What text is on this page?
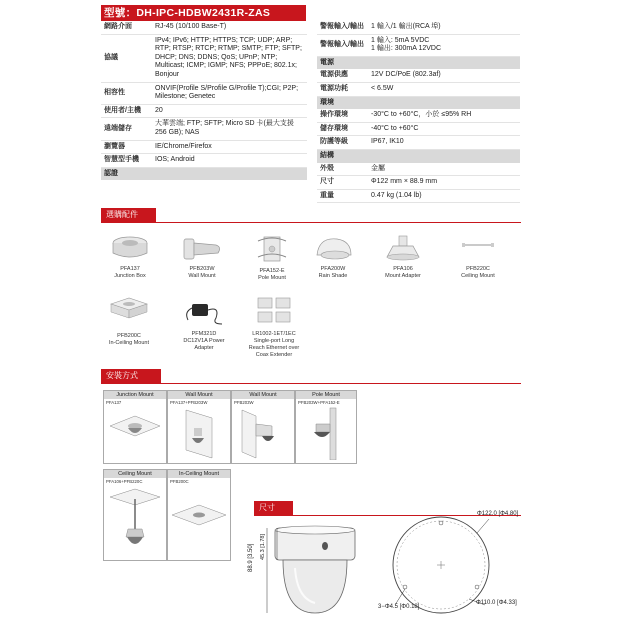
型號：DH-IPC-HDBW2431R-ZAS
網路介面	RJ-45 (10/100 Base-T)
協議	IPv4; IPv6; HTTP; HTTPS; TCP; UDP; ARP; RTP; RTSP; RTCP; RTMP; SMTP; FTP; SFTP; DHCP; DNS; DDNS; QoS; UPnP; NTP; Multicast; ICMP; IGMP; NFS; PPPoE; 802.1x; Bonjour
相容性	ONVIF(Profile S/Profile G/Profile T);CGI; P2P; Milestone; Genetec
使用者/主機	20
遠端儲存	大華雲端; FTP; SFTP; Micro SD 卡(最大支援 256 GB); NAS
瀏覽器	IE/Chrome/Firefox
智慧型手機	IOS; Android
認證	
警報輸入/輸出	1 輸入/1 輸出(RCA 埠)
警報輸入/輸出	1 輸入: 5mA 5VDC
1 輸出: 300mA 12VDC
電源	
電源供應	12V DC/PoE (802.3af)
電源功耗	< 6.5W
環境	
操作環境	-30°C to +60°C，小於 ≤95% RH
儲存環境	-40°C to +60°C
防護等級	IP67, IK10
結構	
外殼	金屬
尺寸	Φ122 mm × 88.9 mm
重量	0.47 kg (1.04 lb)
選購配件
PFA137
Junction Box
PFB203W
Wall Mount
PFA152-E
Pole Mount
PFA200W
Rain Shade
PFA106
Mount Adapter
PFB220C
Ceiling Mount
PFB200C
In-Ceiling Mount
PFM321D
DC12V1A Power Adapter
LR1002-1ET/1EC
Single-port Long Reach Ethernet over Coax Extender
安裝方式
Junction Mount
PFA137
Wall Mount
PFA137+PFB203W
Wall Mount
PFB203W
Pole Mount
PFB203W+PFA152-E
Ceiling Mount
PFA106+PFB220C
In-Ceiling Mount
PFB200C
尺寸
88.9 [3.50] 45.3 [1.78]
Φ122.0 [Φ4.80]
Φ110.0 [Φ4.33]
3−Φ4.5 [Φ0.18]
